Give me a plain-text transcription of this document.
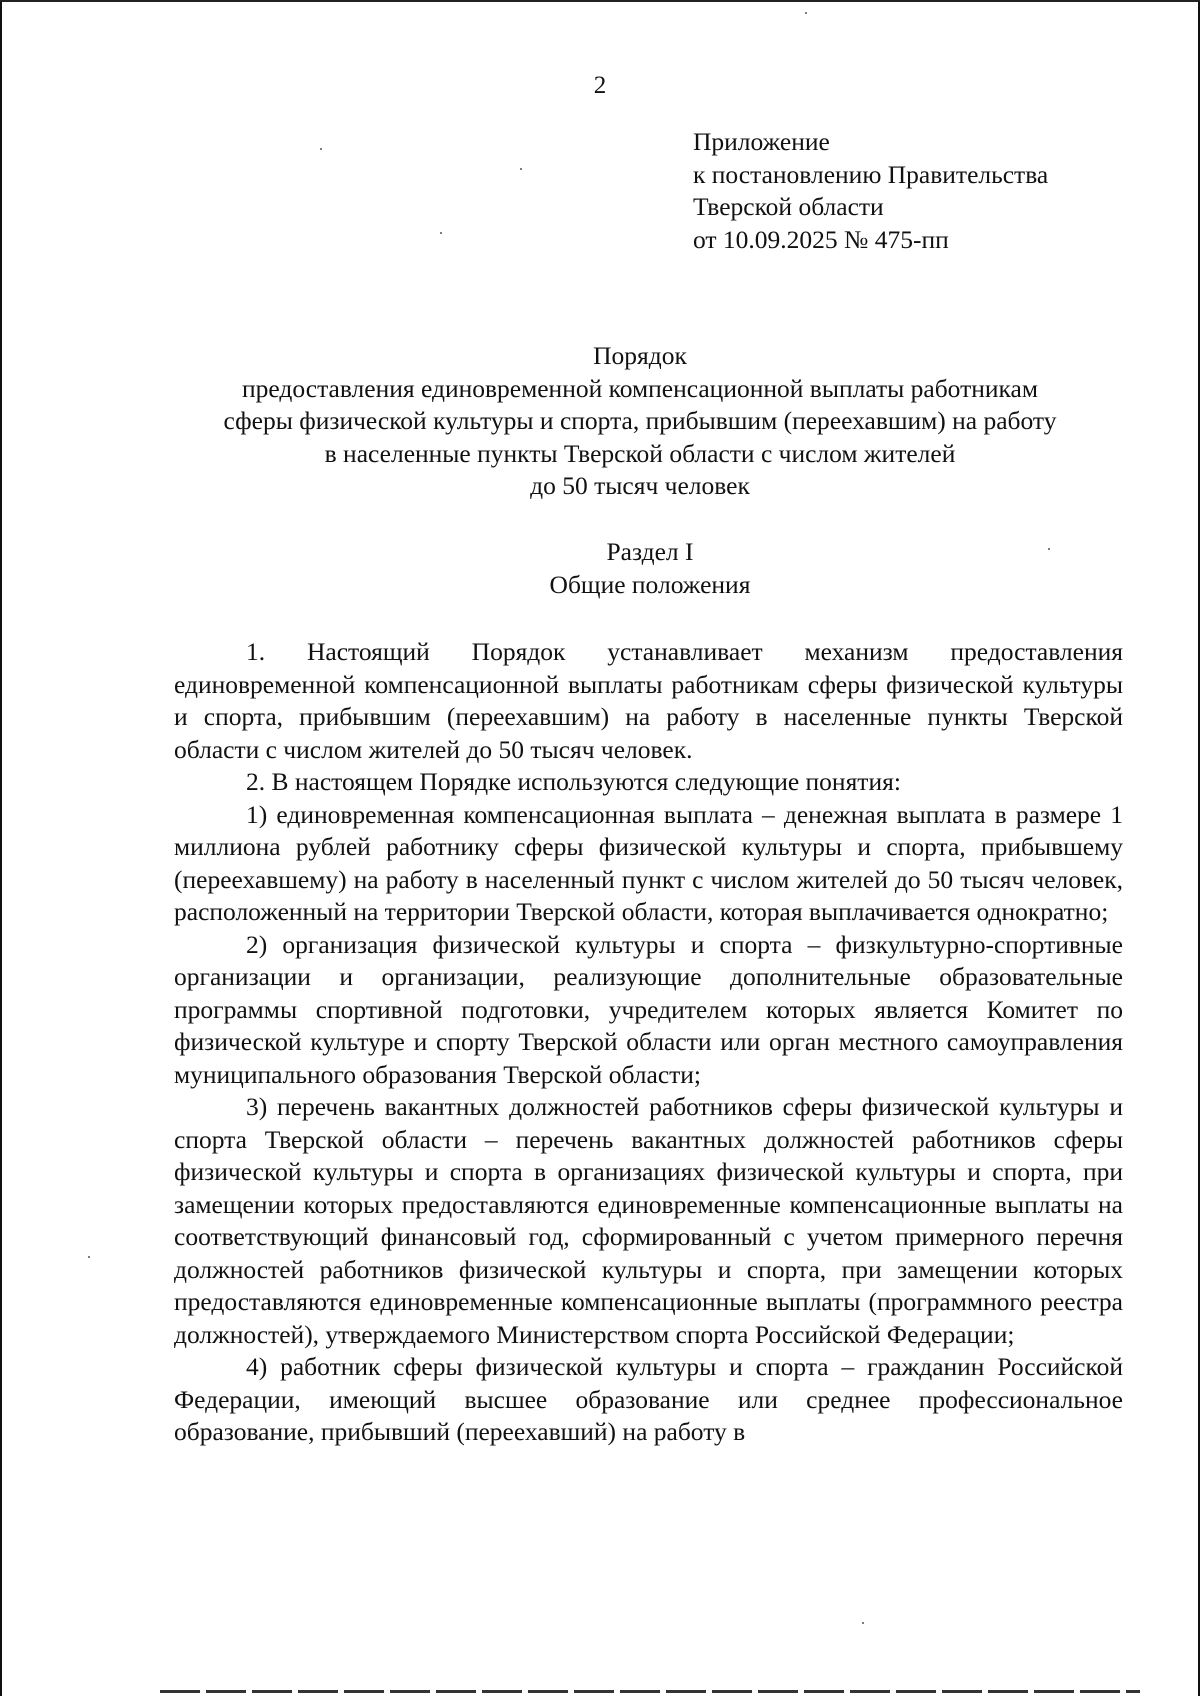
2
Приложение
к постановлению Правительства
Тверской области
от 10.09.2025 № 475-пп
Порядок
предоставления единовременной компенсационной выплаты работникам
сферы физической культуры и спорта, прибывшим (переехавшим) на работу
в населенные пункты Тверской области с числом жителей
до 50 тысяч человек
Раздел I
Общие положения

1. Настоящий Порядок устанавливает механизм предоставления единовременной компенсационной выплаты работникам сферы физической культуры и спорта, прибывшим (переехавшим) на работу в населенные пункты Тверской области с числом жителей до 50 тысяч человек.

2. В настоящем Порядке используются следующие понятия:

1) единовременная компенсационная выплата – денежная выплата в размере 1 миллиона рублей работнику сферы физической культуры и спорта, прибывшему (переехавшему) на работу в населенный пункт с числом жителей до 50 тысяч человек, расположенный на территории Тверской области, которая выплачивается однократно;

2) организация физической культуры и спорта – физкультурно-спортивные организации и организации, реализующие дополнительные образовательные программы спортивной подготовки, учредителем которых является Комитет по физической культуре и спорту Тверской области или орган местного самоуправления муниципального образования Тверской области;

3) перечень вакантных должностей работников сферы физической культуры и спорта Тверской области – перечень вакантных должностей работников сферы физической культуры и спорта в организациях физической культуры и спорта, при замещении которых предоставляются единовременные компенсационные выплаты на соответствующий финансовый год, сформированный с учетом примерного перечня должностей работников физической культуры и спорта, при замещении которых предоставляются единовременные компенсационные выплаты (программного реестра должностей), утверждаемого Министерством спорта Российской Федерации;

4) работник сферы физической культуры и спорта – гражданин Российской Федерации, имеющий высшее образование или среднее профессиональное образование, прибывший (переехавший) на работу в
